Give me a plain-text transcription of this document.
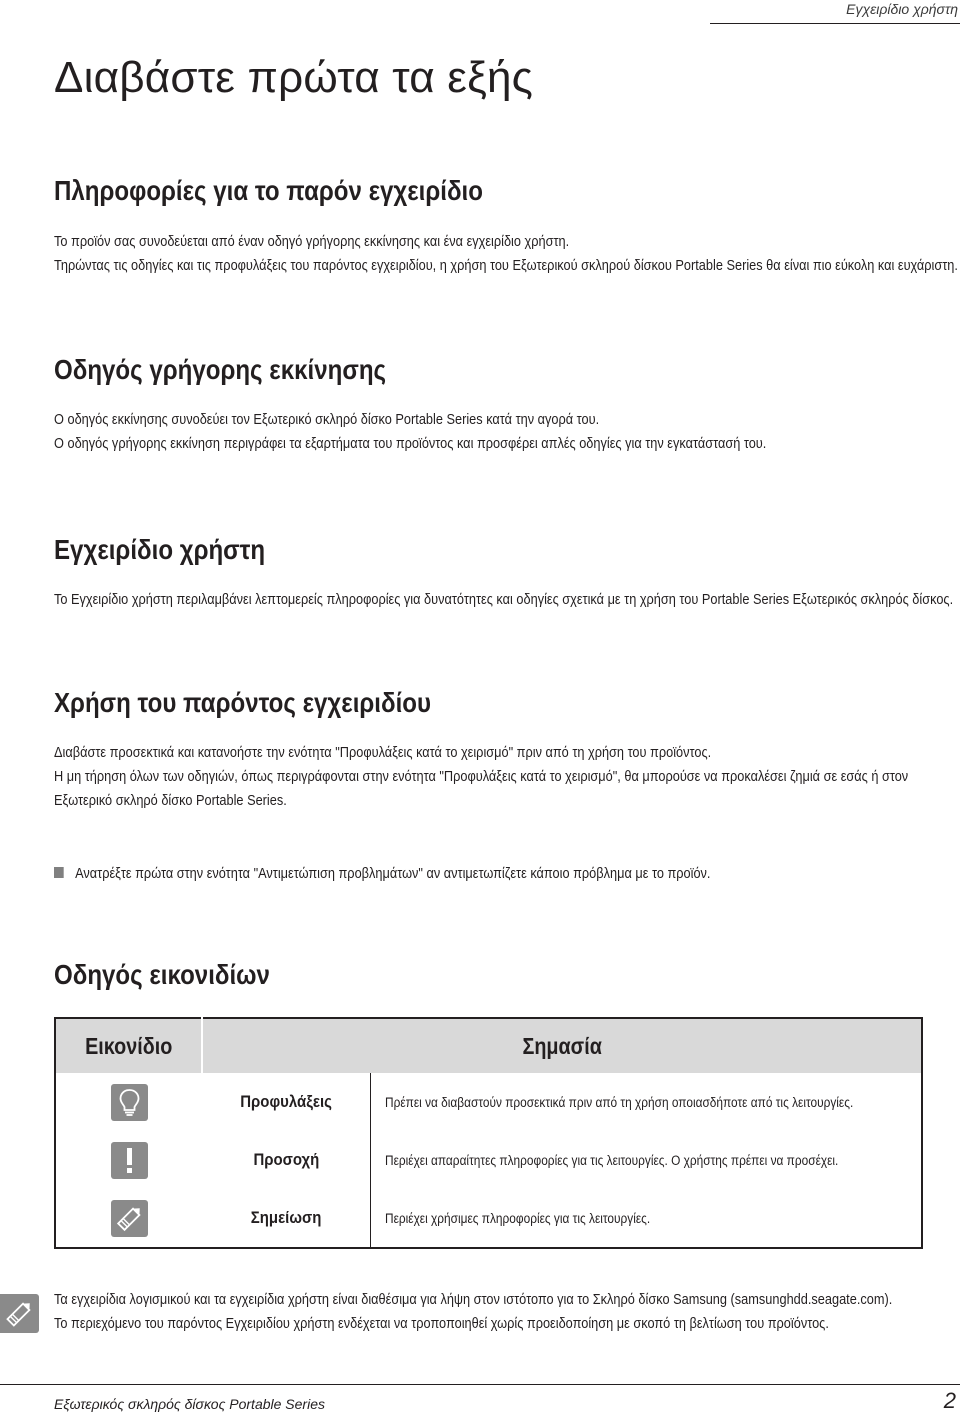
Εγχειρίδιο χρήστη
Διαβάστε πρώτα τα εξής
Πληροφορίες για το παρόν εγχειρίδιο
Το προϊόν σας συνοδεύεται από έναν οδηγό γρήγορης εκκίνησης και ένα εγχειρίδιο χρήστη.
Τηρώντας τις οδηγίες και τις προφυλάξεις του παρόντος εγχειριδίου, η χρήση του Εξωτερικού σκληρού δίσκου Portable Series θα είναι πιο εύκολη και ευχάριστη.
Οδηγός γρήγορης εκκίνησης
Ο οδηγός εκκίνησης συνοδεύει τον Εξωτερικό σκληρό δίσκο Portable Series κατά την αγορά του.
Ο οδηγός γρήγορης εκκίνηση περιγράφει τα εξαρτήματα του προϊόντος και προσφέρει απλές οδηγίες για την εγκατάστασή του.
Εγχειρίδιο χρήστη
Το Εγχειρίδιο χρήστη περιλαμβάνει λεπτομερείς πληροφορίες για δυνατότητες και οδηγίες σχετικά με τη χρήση του Portable Series Εξωτερικός σκληρός δίσκος.
Χρήση του παρόντος εγχειριδίου
Διαβάστε προσεκτικά και κατανοήστε την ενότητα "Προφυλάξεις κατά το χειρισμό" πριν από τη χρήση του προϊόντος.
Η μη τήρηση όλων των οδηγιών, όπως περιγράφονται στην ενότητα "Προφυλάξεις κατά το χειρισμό", θα μπορούσε να προκαλέσει ζημιά σε εσάς ή στον
Εξωτερικό σκληρό δίσκο Portable Series.
Ανατρέξτε πρώτα στην ενότητα "Αντιμετώπιση προβλημάτων" αν αντιμετωπίζετε κάποιο πρόβλημα με το προϊόν.
Οδηγός εικονιδίων
Εικονίδιο	Σημασία	

	Προφυλάξεις	Πρέπει να διαβαστούν προσεκτικά πριν από τη χρήση οποιασδήποτε από τις λειτουργίες.

	Προσοχή	Περιέχει απαραίτητες πληροφορίες για τις λειτουργίες. Ο χρήστης πρέπει να προσέχει.

	Σημείωση	Περιέχει χρήσιμες πληροφορίες για τις λειτουργίες.
Τα εγχειρίδια λογισμικού και τα εγχειρίδια χρήστη είναι διαθέσιμα για λήψη στον ιστότοπο για το Σκληρό δίσκο Samsung (samsunghdd.seagate.com).
Το περιεχόμενο του παρόντος Εγχειριδίου χρήστη ενδέχεται να τροποποιηθεί χωρίς προειδοποίηση με σκοπό τη βελτίωση του προϊόντος.
Εξωτερικός σκληρός δίσκος Portable Series	2
